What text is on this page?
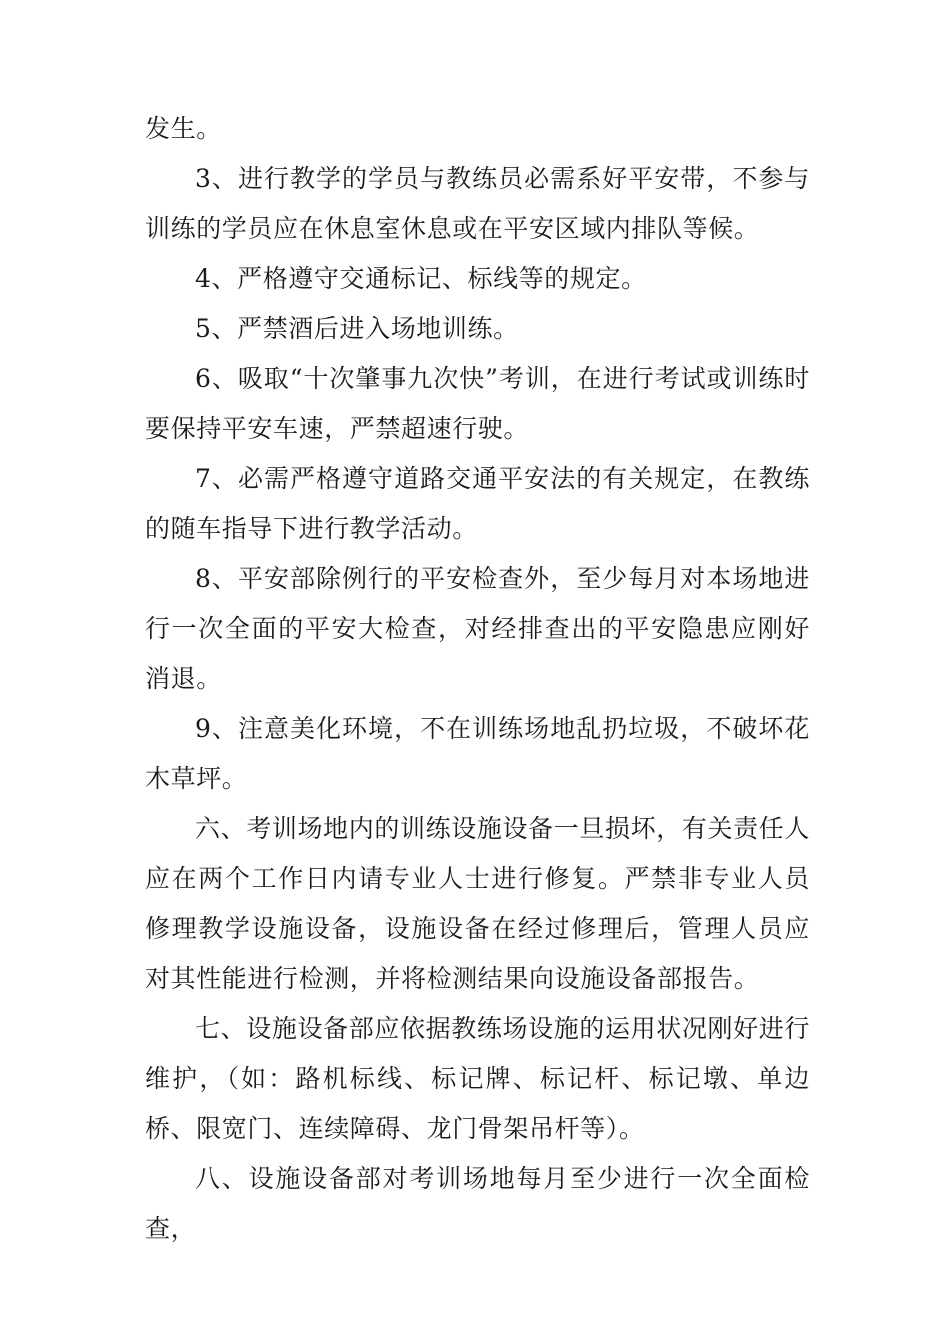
发生。

3、进行教学的学员与教练员必需系好平安带，不参与训练的学员应在休息室休息或在平安区域内排队等候。

4、严格遵守交通标记、标线等的规定。

5、严禁酒后进入场地训练。

6、吸取“十次肇事九次快”考训，在进行考试或训练时要保持平安车速，严禁超速行驶。

7、必需严格遵守道路交通平安法的有关规定，在教练的随车指导下进行教学活动。

8、平安部除例行的平安检查外，至少每月对本场地进行一次全面的平安大检查，对经排查出的平安隐患应刚好消退。

9、注意美化环境，不在训练场地乱扔垃圾，不破坏花木草坪。

六、考训场地内的训练设施设备一旦损坏，有关责任人应在两个工作日内请专业人士进行修复。严禁非专业人员修理教学设施设备，设施设备在经过修理后，管理人员应对其性能进行检测，并将检测结果向设施设备部报告。

七、设施设备部应依据教练场设施的运用状况刚好进行维护，（如：路机标线、标记牌、标记杆、标记墩、单边桥、限宽门、连续障碍、龙门骨架吊杆等）。

八、设施设备部对考训场地每月至少进行一次全面检查，
